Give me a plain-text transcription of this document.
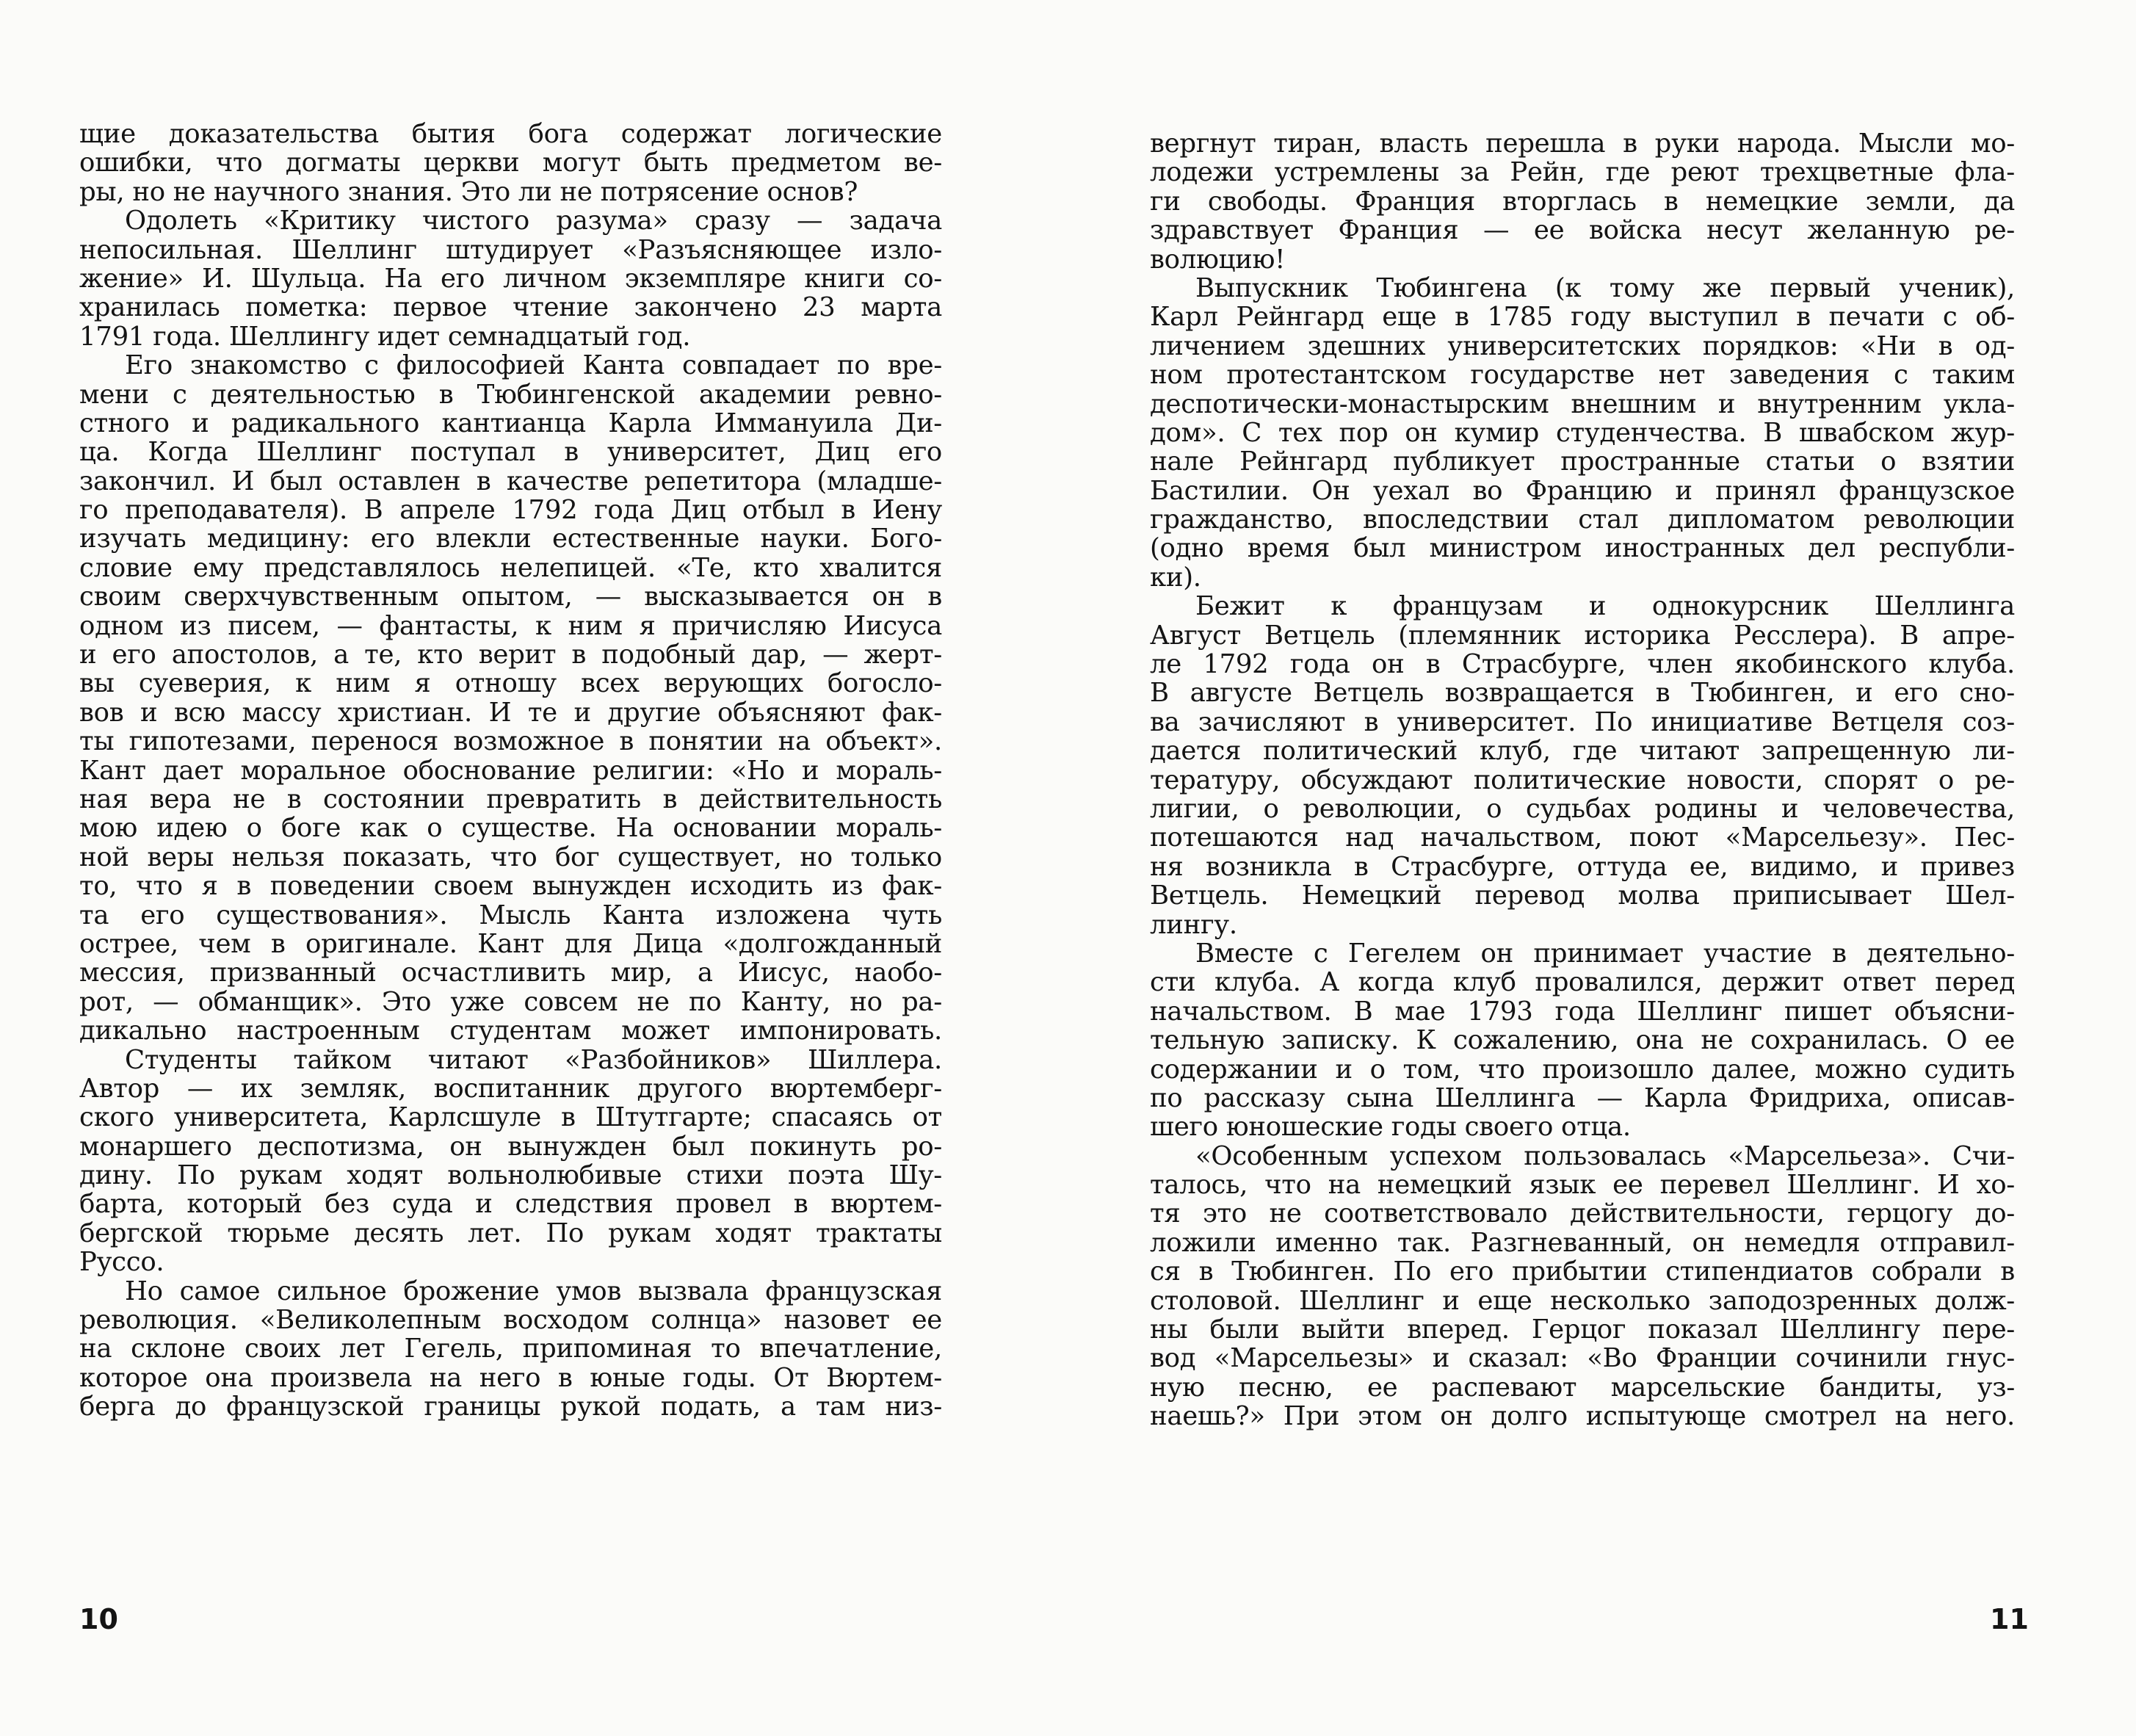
щие доказательства бытия бога содержат логические
ошибки, что догматы церкви могут быть предметом ве-
ры, но не научного знания. Это ли не потрясение основ?
Одолеть «Критику чистого разума» сразу — задача
непосильная. Шеллинг штудирует «Разъясняющее изло-
жение» И. Шульца. На его личном экземпляре книги со-
хранилась пометка: первое чтение закончено 23 марта
1791 года. Шеллингу идет семнадцатый год.
Его знакомство с философией Канта совпадает по вре-
мени с деятельностью в Тюбингенской академии ревно-
стного и радикального кантианца Карла Иммануила Ди-
ца. Когда Шеллинг поступал в университет, Диц его
закончил. И был оставлен в качестве репетитора (младше-
го преподавателя). В апреле 1792 года Диц отбыл в Иену
изучать медицину: его влекли естественные науки. Бого-
словие ему представлялось нелепицей. «Те, кто хвалится
своим сверхчувственным опытом, — высказывается он в
одном из писем, — фантасты, к ним я причисляю Иисуса
и его апостолов, а те, кто верит в подобный дар, — жерт-
вы суеверия, к ним я отношу всех верующих богосло-
вов и всю массу христиан. И те и другие объясняют фак-
ты гипотезами, перенося возможное в понятии на объект».
Кант дает моральное обоснование религии: «Но и мораль-
ная вера не в состоянии превратить в действительность
мою идею о боге как о существе. На основании мораль-
ной веры нельзя показать, что бог существует, но только
то, что я в поведении своем вынужден исходить из фак-
та его существования». Мысль Канта изложена чуть
острее, чем в оригинале. Кант для Дица «долгожданный
мессия, призванный осчастливить мир, а Иисус, наобо-
рот, — обманщик». Это уже совсем не по Канту, но ра-
дикально настроенным студентам может импонировать.
Студенты тайком читают «Разбойников» Шиллера.
Автор — их земляк, воспитанник другого вюртемберг-
ского университета, Карлсшуле в Штутгарте; спасаясь от
монаршего деспотизма, он вынужден был покинуть ро-
дину. По рукам ходят вольнолюбивые стихи поэта Шу-
барта, который без суда и следствия провел в вюртем-
бергской тюрьме десять лет. По рукам ходят трактаты
Руссо.
Но самое сильное брожение умов вызвала французская
революция. «Великолепным восходом солнца» назовет ее
на склоне своих лет Гегель, припоминая то впечатление,
которое она произвела на него в юные годы. От Вюртем-
берга до французской границы рукой подать, а там низ-
10
вергнут тиран, власть перешла в руки народа. Мысли мо-
лодежи устремлены за Рейн, где реют трехцветные фла-
ги свободы. Франция вторглась в немецкие земли, да
здравствует Франция — ее войска несут желанную ре-
волюцию!
Выпускник Тюбингена (к тому же первый ученик),
Карл Рейнгард еще в 1785 году выступил в печати с об-
личением здешних университетских порядков: «Ни в од-
ном протестантском государстве нет заведения с таким
деспотически-монастырским внешним и внутренним укла-
дом». С тех пор он кумир студенчества. В швабском жур-
нале Рейнгард публикует пространные статьи о взятии
Бастилии. Он уехал во Францию и принял французское
гражданство, впоследствии стал дипломатом революции
(одно время был министром иностранных дел республи-
ки).
Бежит к французам и однокурсник Шеллинга
Август Ветцель (племянник историка Ресслера). В апре-
ле 1792 года он в Страсбурге, член якобинского клуба.
В августе Ветцель возвращается в Тюбинген, и его сно-
ва зачисляют в университет. По инициативе Ветцеля соз-
дается политический клуб, где читают запрещенную ли-
тературу, обсуждают политические новости, спорят о ре-
лигии, о революции, о судьбах родины и человечества,
потешаются над начальством, поют «Марсельезу». Пес-
ня возникла в Страсбурге, оттуда ее, видимо, и привез
Ветцель. Немецкий перевод молва приписывает Шел-
лингу.
Вместе с Гегелем он принимает участие в деятельно-
сти клуба. А когда клуб провалился, держит ответ перед
начальством. В мае 1793 года Шеллинг пишет объясни-
тельную записку. К сожалению, она не сохранилась. О ее
содержании и о том, что произошло далее, можно судить
по рассказу сына Шеллинга — Карла Фридриха, описав-
шего юношеские годы своего отца.
«Особенным успехом пользовалась «Марсельеза». Счи-
талось, что на немецкий язык ее перевел Шеллинг. И хо-
тя это не соответствовало действительности, герцогу до-
ложили именно так. Разгневанный, он немедля отправил-
ся в Тюбинген. По его прибытии стипендиатов собрали в
столовой. Шеллинг и еще несколько заподозренных долж-
ны были выйти вперед. Герцог показал Шеллингу пере-
вод «Марсельезы» и сказал: «Во Франции сочинили гнус-
ную песню, ее распевают марсельские бандиты, уз-
наешь?» При этом он долго испытующе смотрел на него.
11
